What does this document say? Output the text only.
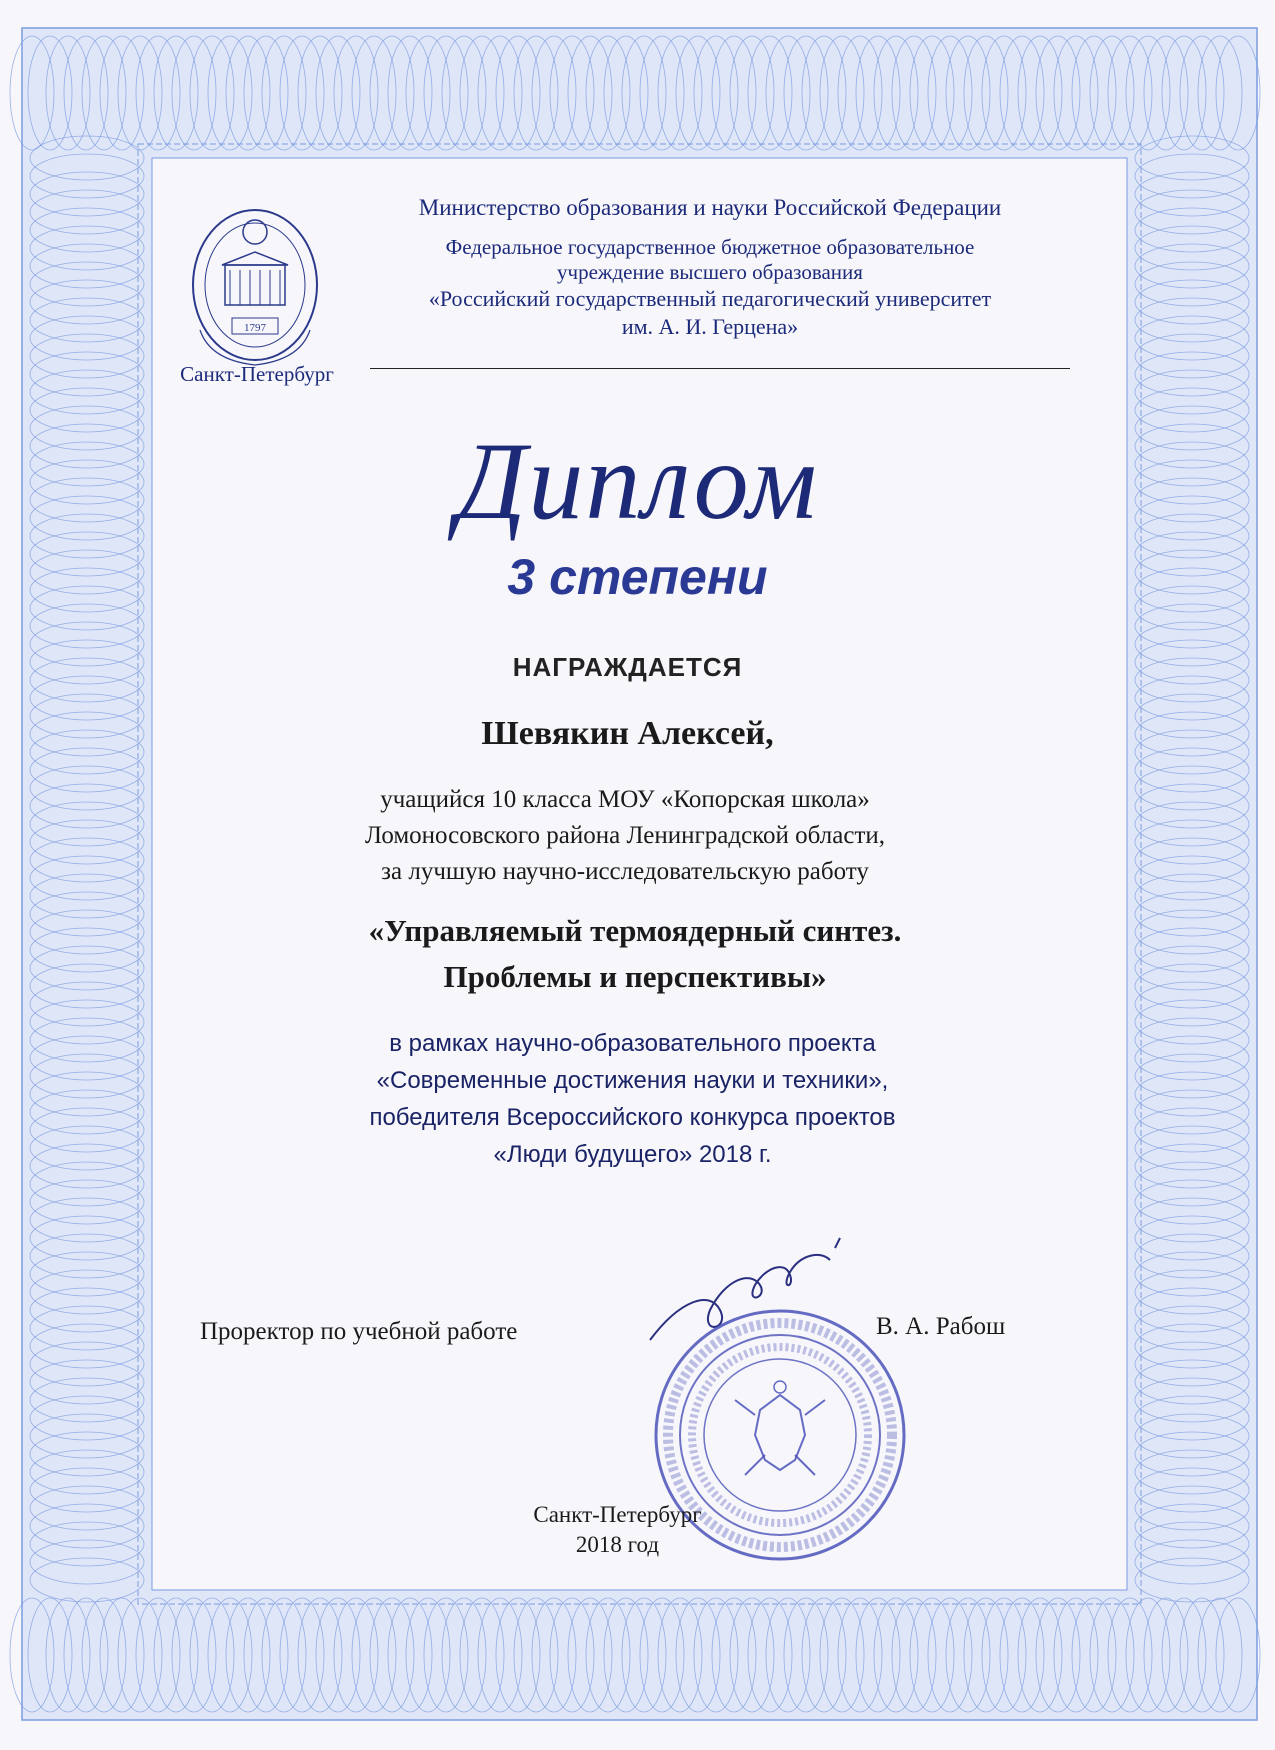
1797
Санкт-Петербург
Министерство образования и науки Российской Федерации
Федеральное государственное бюджетное образовательное
учреждение высшего образования
«Российский государственный педагогический университет
им. А. И. Герцена»
Диплом
3 степени
НАГРАЖДАЕТСЯ
Шевякин Алексей,
учащийся 10 класса МОУ «Копорская школа»
Ломоносовского района Ленинградской области,
за лучшую научно-исследовательскую работу
«Управляемый термоядерный синтез.
Проблемы и перспективы»
в рамках научно-образовательного проекта
«Современные достижения науки и техники»,
победителя Всероссийского конкурса проектов
«Люди будущего» 2018 г.
Проректор по учебной работе	В. А. Рабош
Санкт-Петербург
2018 год
